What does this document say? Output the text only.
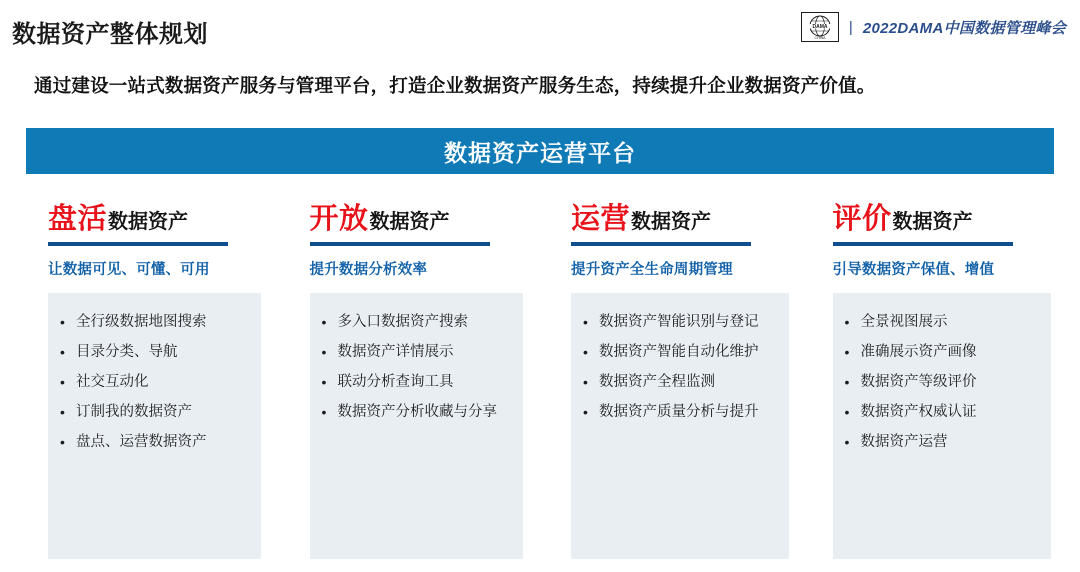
数据资产整体规划	DAMA
CHINA
| 2022DAMA中国数据管理峰会
通过建设一站式数据资产服务与管理平台，打造企业数据资产服务生态，持续提升企业数据资产价值。
数据资产运营平台
盘活 数据资产
让数据可见、可懂、可用
• 全行级数据地图搜索
• 目录分类、导航
• 社交互动化
• 订制我的数据资产
• 盘点、运营数据资产
开放 数据资产
提升数据分析效率
• 多入口数据资产搜索
• 数据资产详情展示
• 联动分析查询工具
• 数据资产分析收藏与分享
运营 数据资产
提升资产全生命周期管理
• 数据资产智能识别与登记
• 数据资产智能自动化维护
• 数据资产全程监测
• 数据资产质量分析与提升
评价 数据资产
引导数据资产保值、增值
• 全景视图展示
• 准确展示资产画像
• 数据资产等级评价
• 数据资产权威认证
• 数据资产运营
